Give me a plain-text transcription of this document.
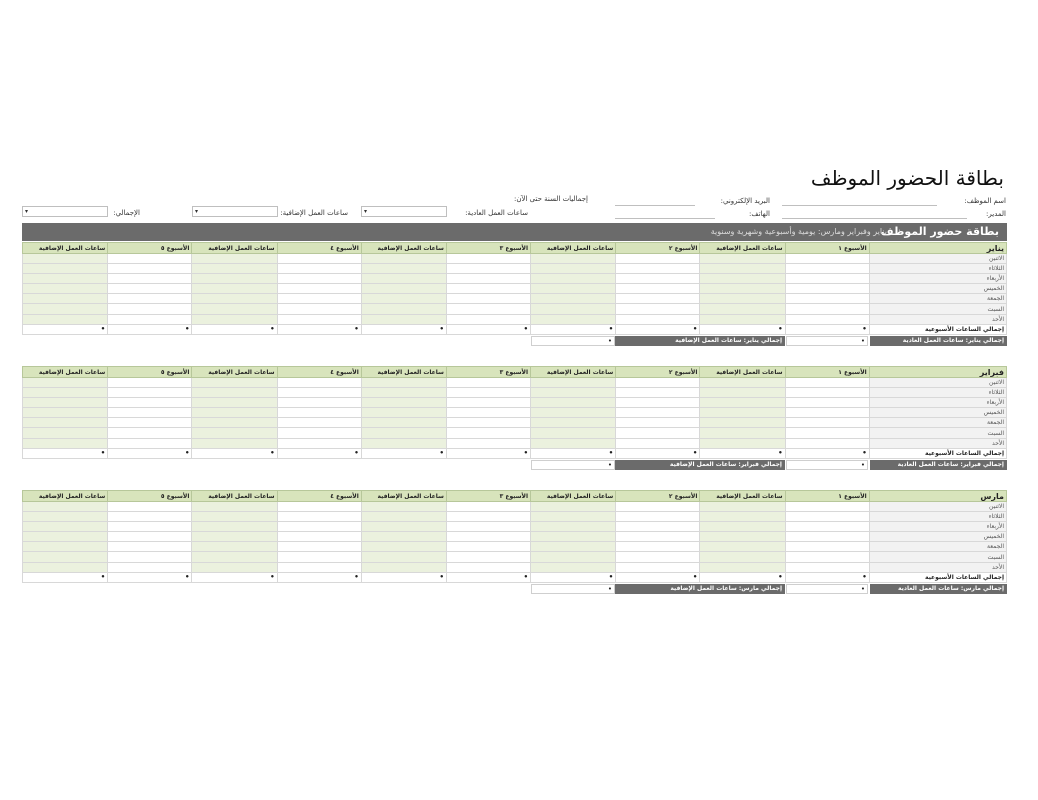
بطاقة الحضور الموظف
اسم الموظف:
المدير:
البريد الإلكتروني:
الهاتف:
إجماليات السنة حتى الآن:
ساعات العمل العادية:
▾
ساعات العمل الإضافية:
▾
الإجمالي:
▾
بطاقة حضور الموظف
يناير وفبراير ومارس: يومية وأسبوعية وشهرية وسنوية
يناير	الأسبوع ١	ساعات العمل الإضافية	الأسبوع ٢	ساعات العمل الإضافية	الأسبوع ٣	ساعات العمل الإضافية	الأسبوع ٤	ساعات العمل الإضافية	الأسبوع ٥	ساعات العمل الإضافية
الاثنين										
الثلاثاء										
الأربعاء										
الخميس										
الجمعة										
السبت										
الأحد										
إجمالي الساعات الأسبوعية	•	•	•	•	•	•	•	•	•	•
إجمالي يناير: ساعات العمل العادية
•
إجمالي يناير: ساعات العمل الإضافية
•
فبراير	الأسبوع ١	ساعات العمل الإضافية	الأسبوع ٢	ساعات العمل الإضافية	الأسبوع ٣	ساعات العمل الإضافية	الأسبوع ٤	ساعات العمل الإضافية	الأسبوع ٥	ساعات العمل الإضافية
الاثنين										
الثلاثاء										
الأربعاء										
الخميس										
الجمعة										
السبت										
الأحد										
إجمالي الساعات الأسبوعية	•	•	•	•	•	•	•	•	•	•
إجمالي فبراير: ساعات العمل العادية
•
إجمالي فبراير: ساعات العمل الإضافية
•
مارس	الأسبوع ١	ساعات العمل الإضافية	الأسبوع ٢	ساعات العمل الإضافية	الأسبوع ٣	ساعات العمل الإضافية	الأسبوع ٤	ساعات العمل الإضافية	الأسبوع ٥	ساعات العمل الإضافية
الاثنين										
الثلاثاء										
الأربعاء										
الخميس										
الجمعة										
السبت										
الأحد										
إجمالي الساعات الأسبوعية	•	•	•	•	•	•	•	•	•	•
إجمالي مارس: ساعات العمل العادية
•
إجمالي مارس: ساعات العمل الإضافية
•
